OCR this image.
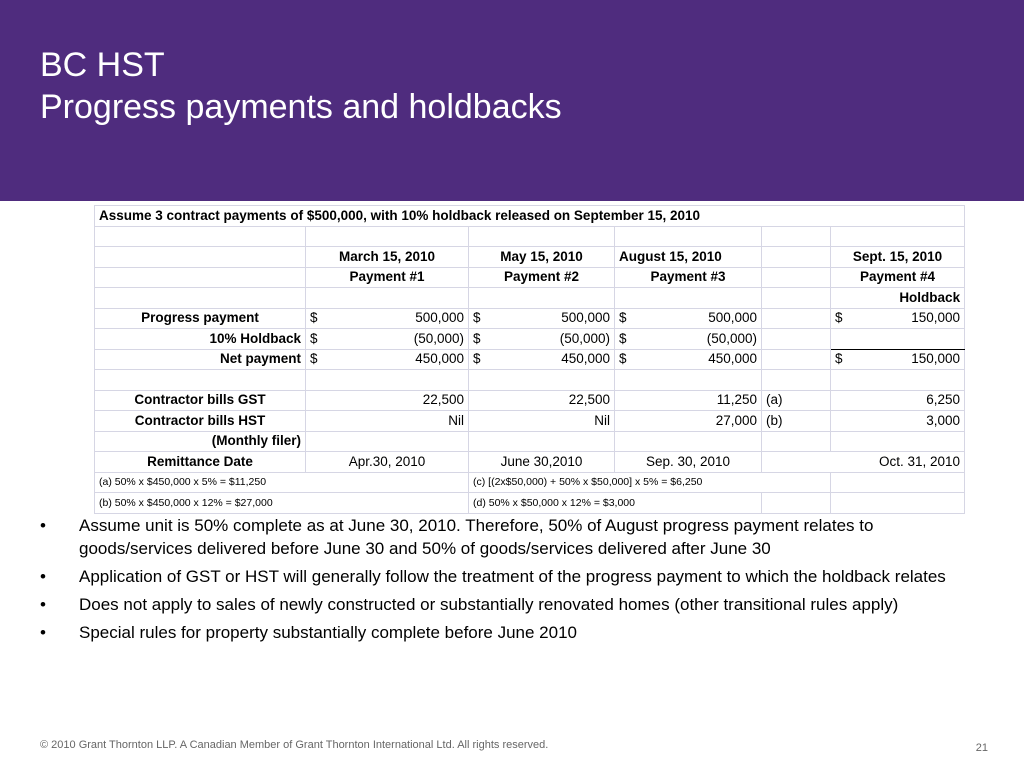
BC HST
Progress payments and holdbacks
Assume 3 contract payments of $500,000, with 10% holdback released on September 15, 2010					

	March 15, 2010	May 15, 2010	August 15, 2010		Sept. 15, 2010
	Payment #1	Payment #2	Payment #3		Payment #4
					Holdback
Progress payment	$ 500,000	$ 500,000	$ 500,000		$ 150,000

10% Holdback	$ (50,000)	$ (50,000)	$ (50,000)		

Net payment	$ 450,000	$ 450,000	$ 450,000		$ 150,000

Contractor bills GST	22,500	22,500	11,250	(a)	6,250
Contractor bills HST	Nil	Nil	27,000	(b)	3,000
(Monthly filer)					
Remittance Date	Apr.30, 2010	June 30,2010	Sep. 30, 2010	Oct. 31, 2010	
(a) 50% x $450,000 x 5% = $11,250		(c) [(2x$50,000) + 50% x $50,000] x 5% = $6,250			
(b) 50% x $450,000 x 12% = $27,000		(d) 50% x $50,000 x 12% = $3,000			
• Assume unit is 50% complete as at June 30, 2010. Therefore, 50% of August progress payment relates to goods/services delivered before June 30 and 50% of goods/services delivered after June 30
• Application of GST or HST will generally follow the treatment of the progress payment to which the holdback relates
• Does not apply to sales of newly constructed or substantially renovated homes (other transitional rules apply)
• Special rules for property substantially complete before June 2010
© 2010 Grant Thornton LLP. A Canadian Member of Grant Thornton International Ltd. All rights reserved.	21
